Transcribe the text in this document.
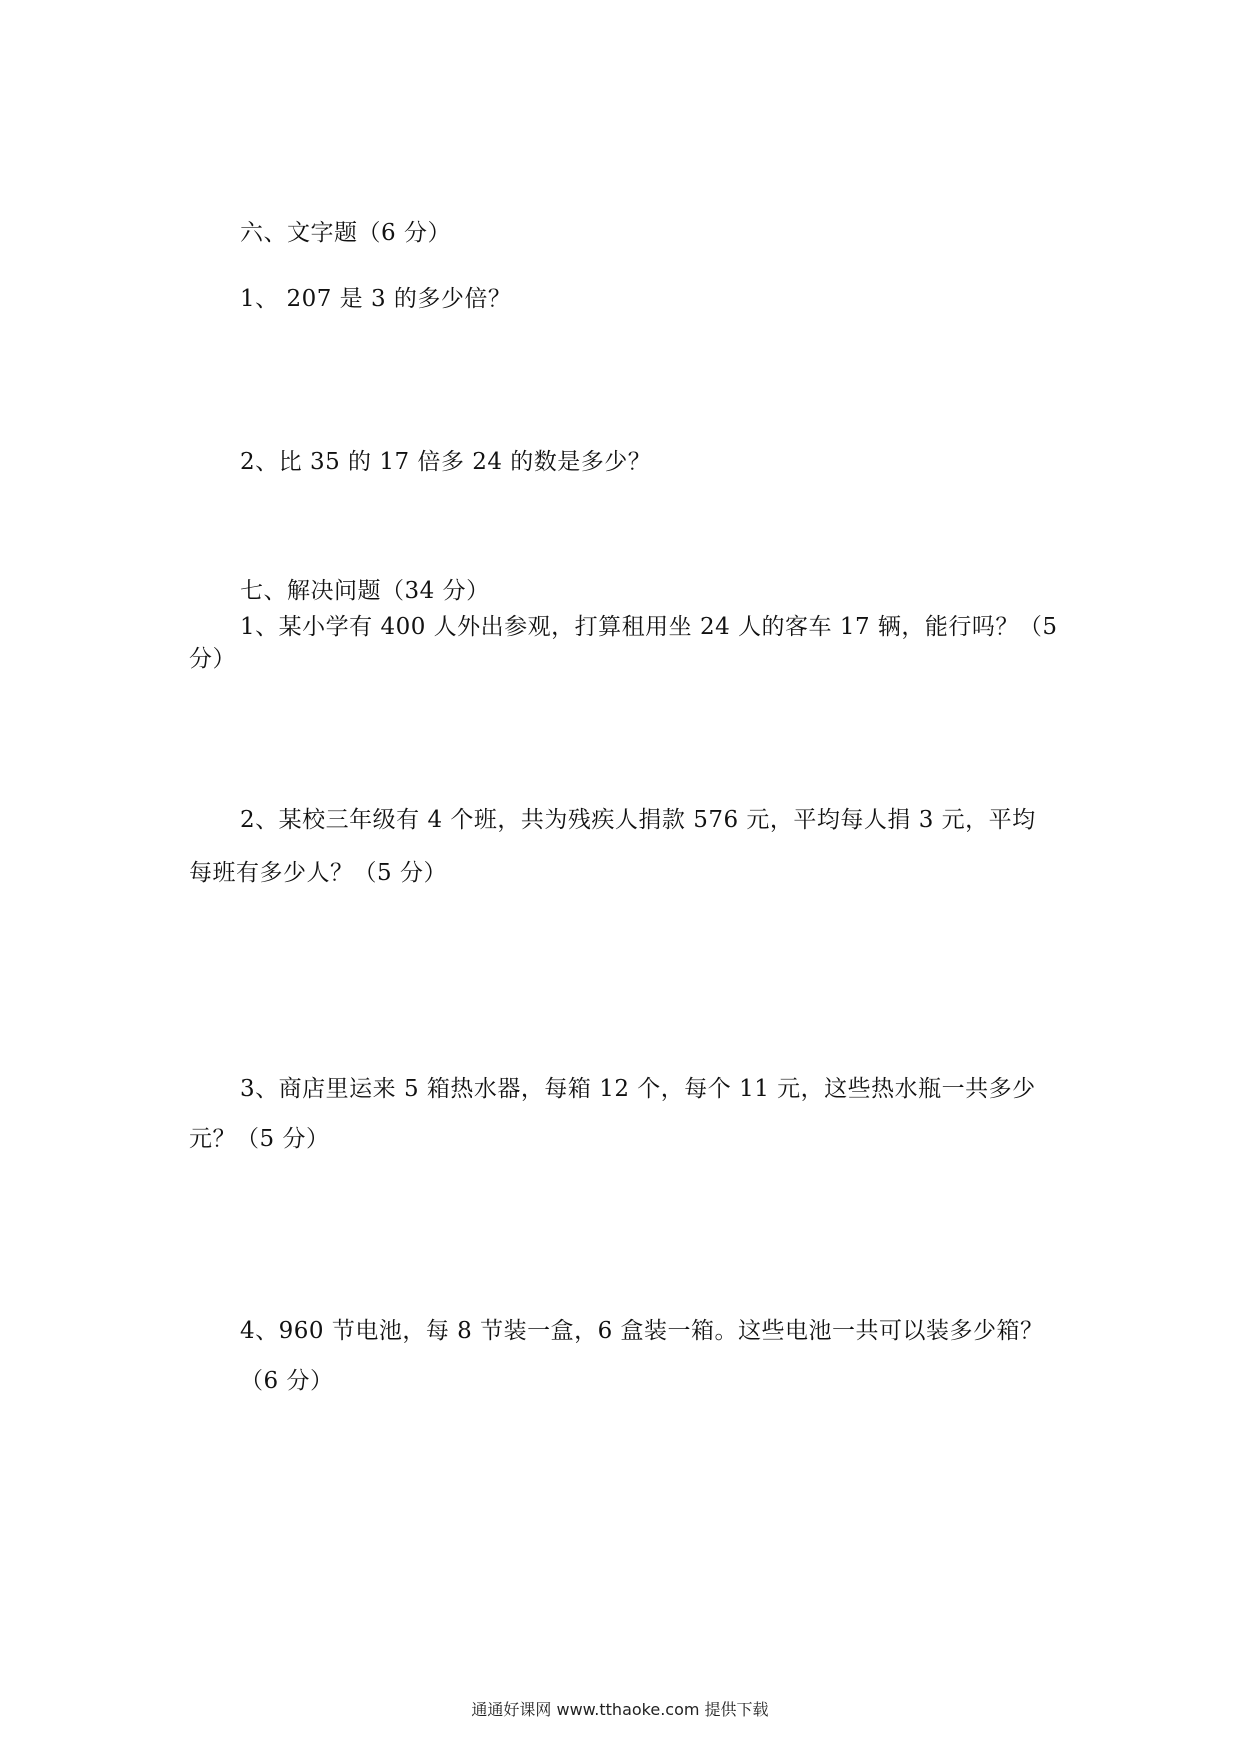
六、文字题（6 分）
1、 207 是 3 的多少倍？
2、比 35 的 17 倍多 24 的数是多少？
七、解决问题（34 分）
1、某小学有 400 人外出参观，打算租用坐 24 人的客车 17 辆，能行吗？（5
分）
2、某校三年级有 4 个班，共为残疾人捐款 576 元，平均每人捐 3 元，平均
每班有多少人？（5 分）
3、商店里运来 5 箱热水器，每箱 12 个，每个 11 元，这些热水瓶一共多少
元？（5 分）
4、960 节电池，每 8 节装一盒，6 盒装一箱。这些电池一共可以装多少箱？
（6 分）
通通好课网 www.tthaoke.com 提供下载
